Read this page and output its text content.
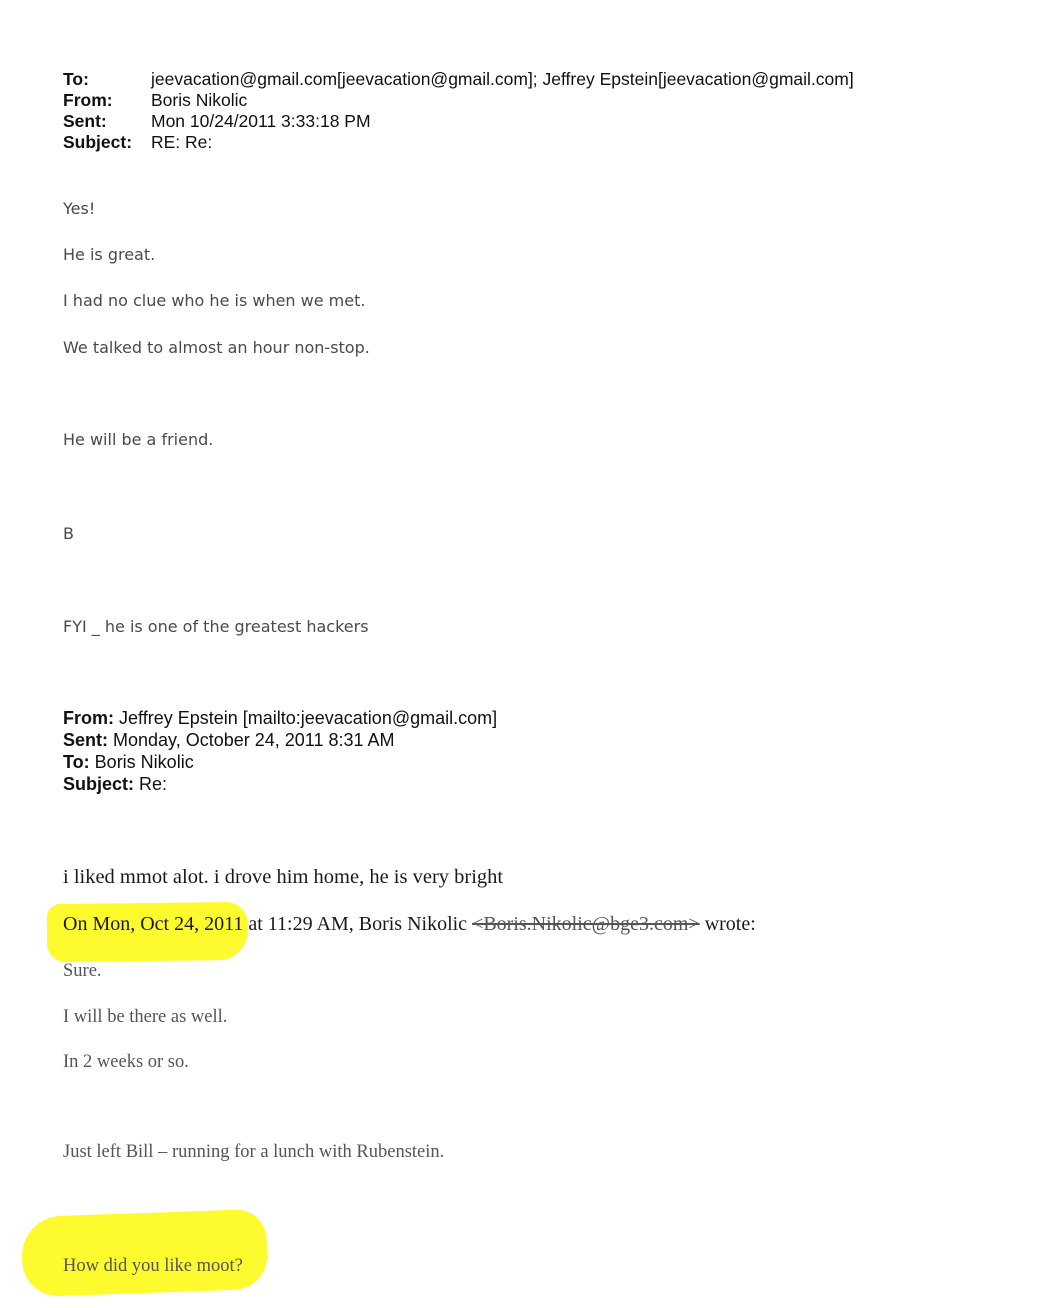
To:	jeevacation@gmail.com[jeevacation@gmail.com]; Jeffrey Epstein[jeevacation@gmail.com]
From: Boris Nikolic
Sent:	Mon 10/24/2011 3:33:18 PM
Subject: RE: Re:
Yes!
He is great.
I had no clue who he is when we met.
We talked to almost an hour non-stop.
He will be a friend.
B
FYI _ he is one of the greatest hackers
From: Jeffrey Epstein [mailto:jeevacation@gmail.com]
Sent: Monday, October 24, 2011 8:31 AM
To: Boris Nikolic
Subject: Re:
i liked mmot alot. i drove him home, he is very bright
On Mon, Oct 24, 2011 at 11:29 AM, Boris Nikolic <Boris.Nikolic@bge3.com> wrote:
Sure.
I will be there as well.
In 2 weeks or so.
Just left Bill – running for a lunch with Rubenstein.
How did you like moot?
